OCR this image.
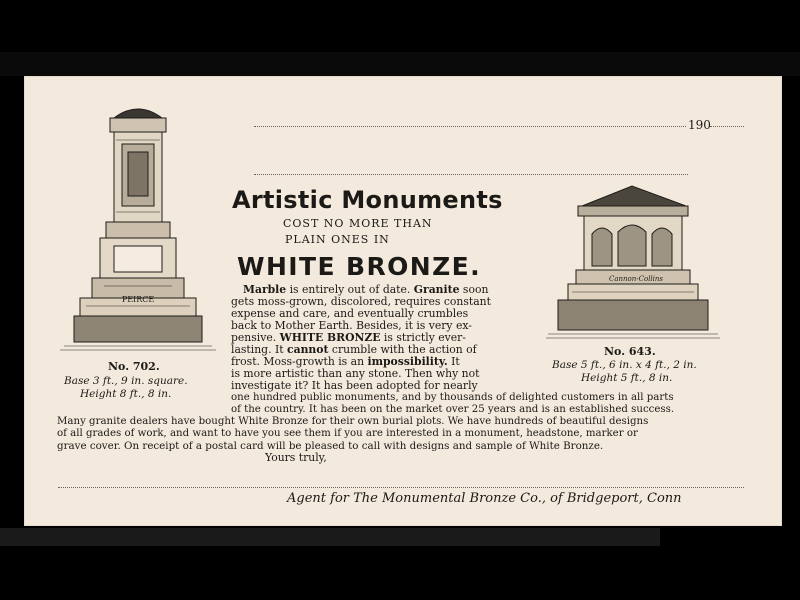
190
PEIRCE
No. 702.
Base 3 ft., 9 in. square.
Height 8 ft., 8 in.
Cannon-Collins
No. 643.
Base 5 ft., 6 in. x 4 ft., 2 in.
Height 5 ft., 8 in.
Artistic Monuments
COST NO MORE THAN
PLAIN ONES IN
WHITE BRONZE.
Marble is entirely out of date. Granite soon
gets moss-grown, discolored, requires constant
expense and care, and eventually crumbles
back to Mother Earth. Besides, it is very ex-
pensive. WHITE BRONZE is strictly ever-
lasting. It cannot crumble with the action of
frost. Moss-growth is an impossibility. It
is more artistic than any stone. Then why not
investigate it? It has been adopted for nearly
one hundred public monuments, and by thousands of delighted customers in all parts
of the country. It has been on the market over 25 years and is an established success.
Many granite dealers have bought White Bronze for their own burial plots. We have hundreds of beautiful designs
of all grades of work, and want to have you see them if you are interested in a monument, headstone, marker or
grave cover. On receipt of a postal card will be pleased to call with designs and sample of White Bronze.
Yours truly,
Agent for The Monumental Bronze Co., of Bridgeport, Conn
